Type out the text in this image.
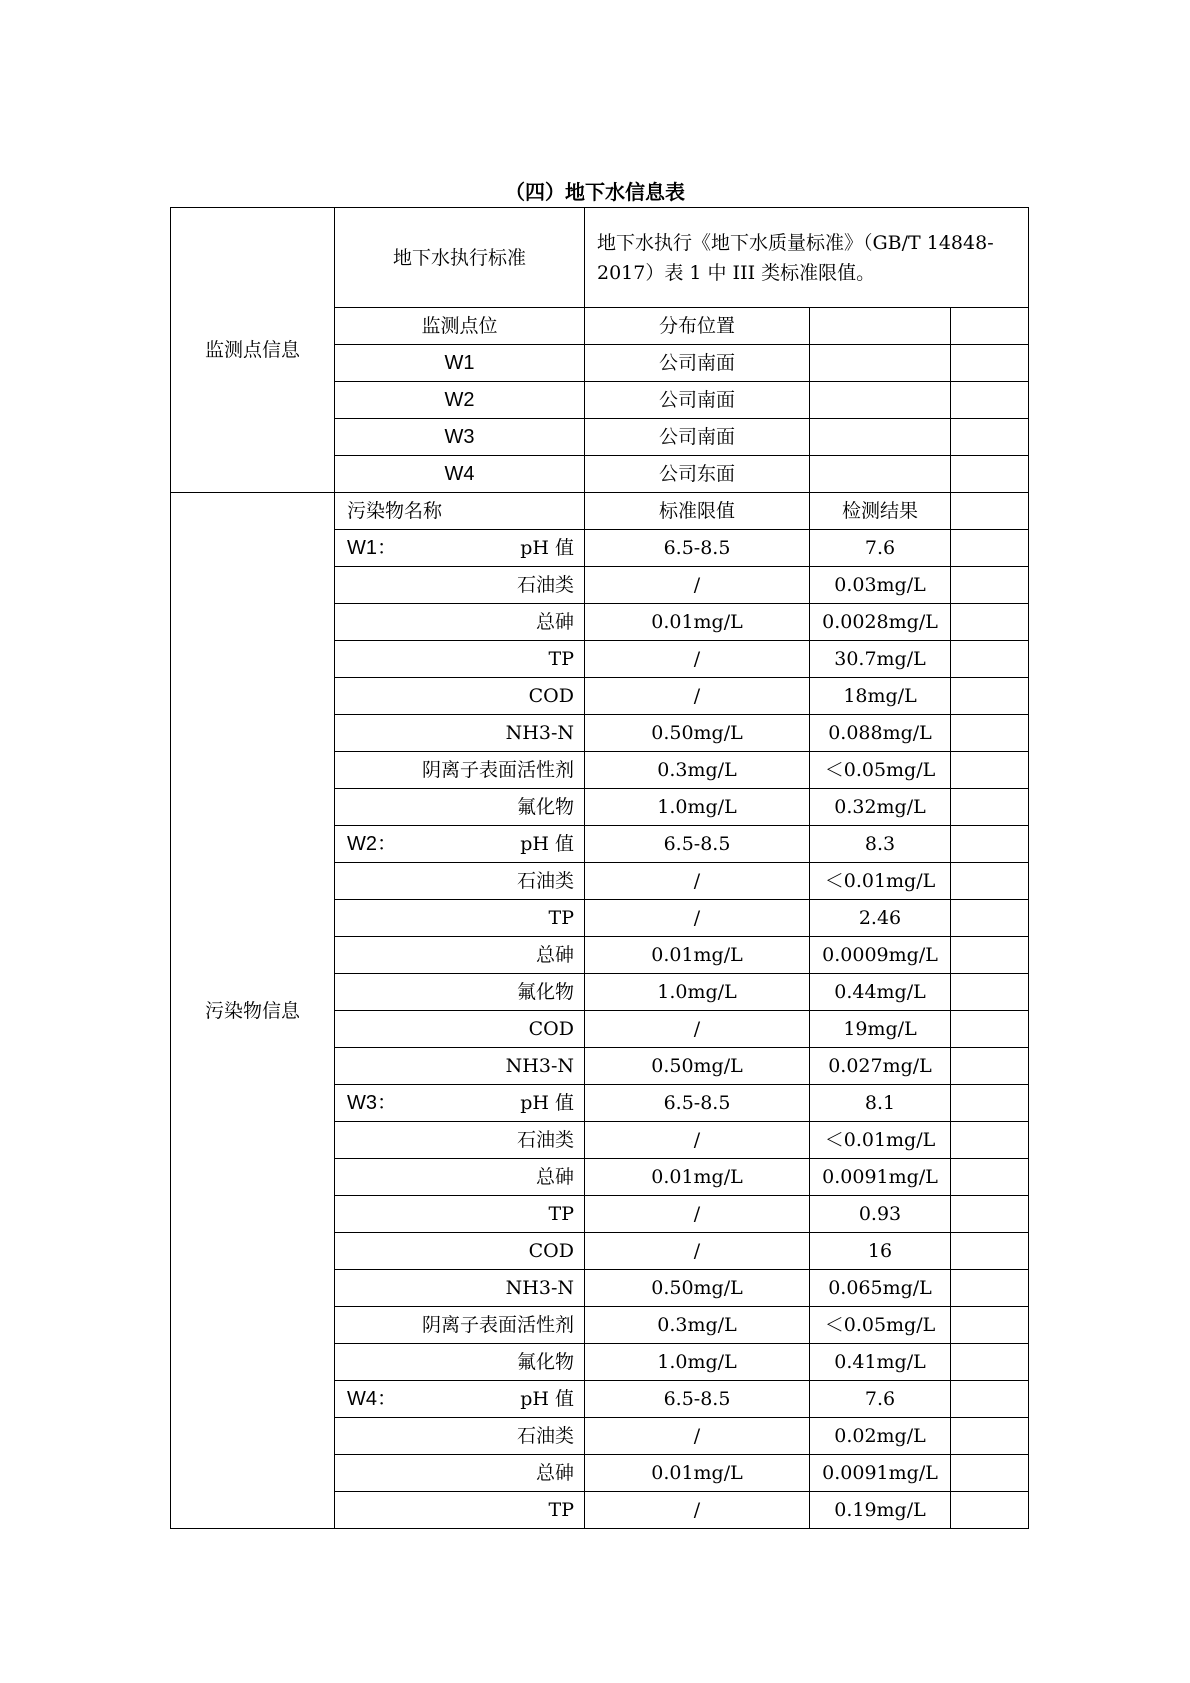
（四）地下水信息表
监测点信息	地下水执行标准	地下水执行《地下水质量标准》（GB/T 14848-2017）表 1 中 III 类标准限值。		
	监测点位	分布位置		
	W1	公司南面		
	W2	公司南面		
	W3	公司南面		
	W4	公司东面		
污染物信息	污染物名称	标准限值	检测结果	

	W1： pH 值	6.5-8.5	7.6	
	石油类	/	0.03mg/L	
	总砷	0.01mg/L	0.0028mg/L	
	TP	/	30.7mg/L	
	COD	/	18mg/L	
	NH3-N	0.50mg/L	0.088mg/L	
	阴离子表面活性剂	0.3mg/L	＜0.05mg/L	
	氟化物	1.0mg/L	0.32mg/L	

	W2： pH 值	6.5-8.5	8.3	
	石油类	/	＜0.01mg/L	
	TP	/	2.46	
	总砷	0.01mg/L	0.0009mg/L	
	氟化物	1.0mg/L	0.44mg/L	
	COD	/	19mg/L	
	NH3-N	0.50mg/L	0.027mg/L	

	W3： pH 值	6.5-8.5	8.1	
	石油类	/	＜0.01mg/L	
	总砷	0.01mg/L	0.0091mg/L	
	TP	/	0.93	
	COD	/	16	
	NH3-N	0.50mg/L	0.065mg/L	
	阴离子表面活性剂	0.3mg/L	＜0.05mg/L	
	氟化物	1.0mg/L	0.41mg/L	

	W4： pH 值	6.5-8.5	7.6	
	石油类	/	0.02mg/L	
	总砷	0.01mg/L	0.0091mg/L	
	TP	/	0.19mg/L	
